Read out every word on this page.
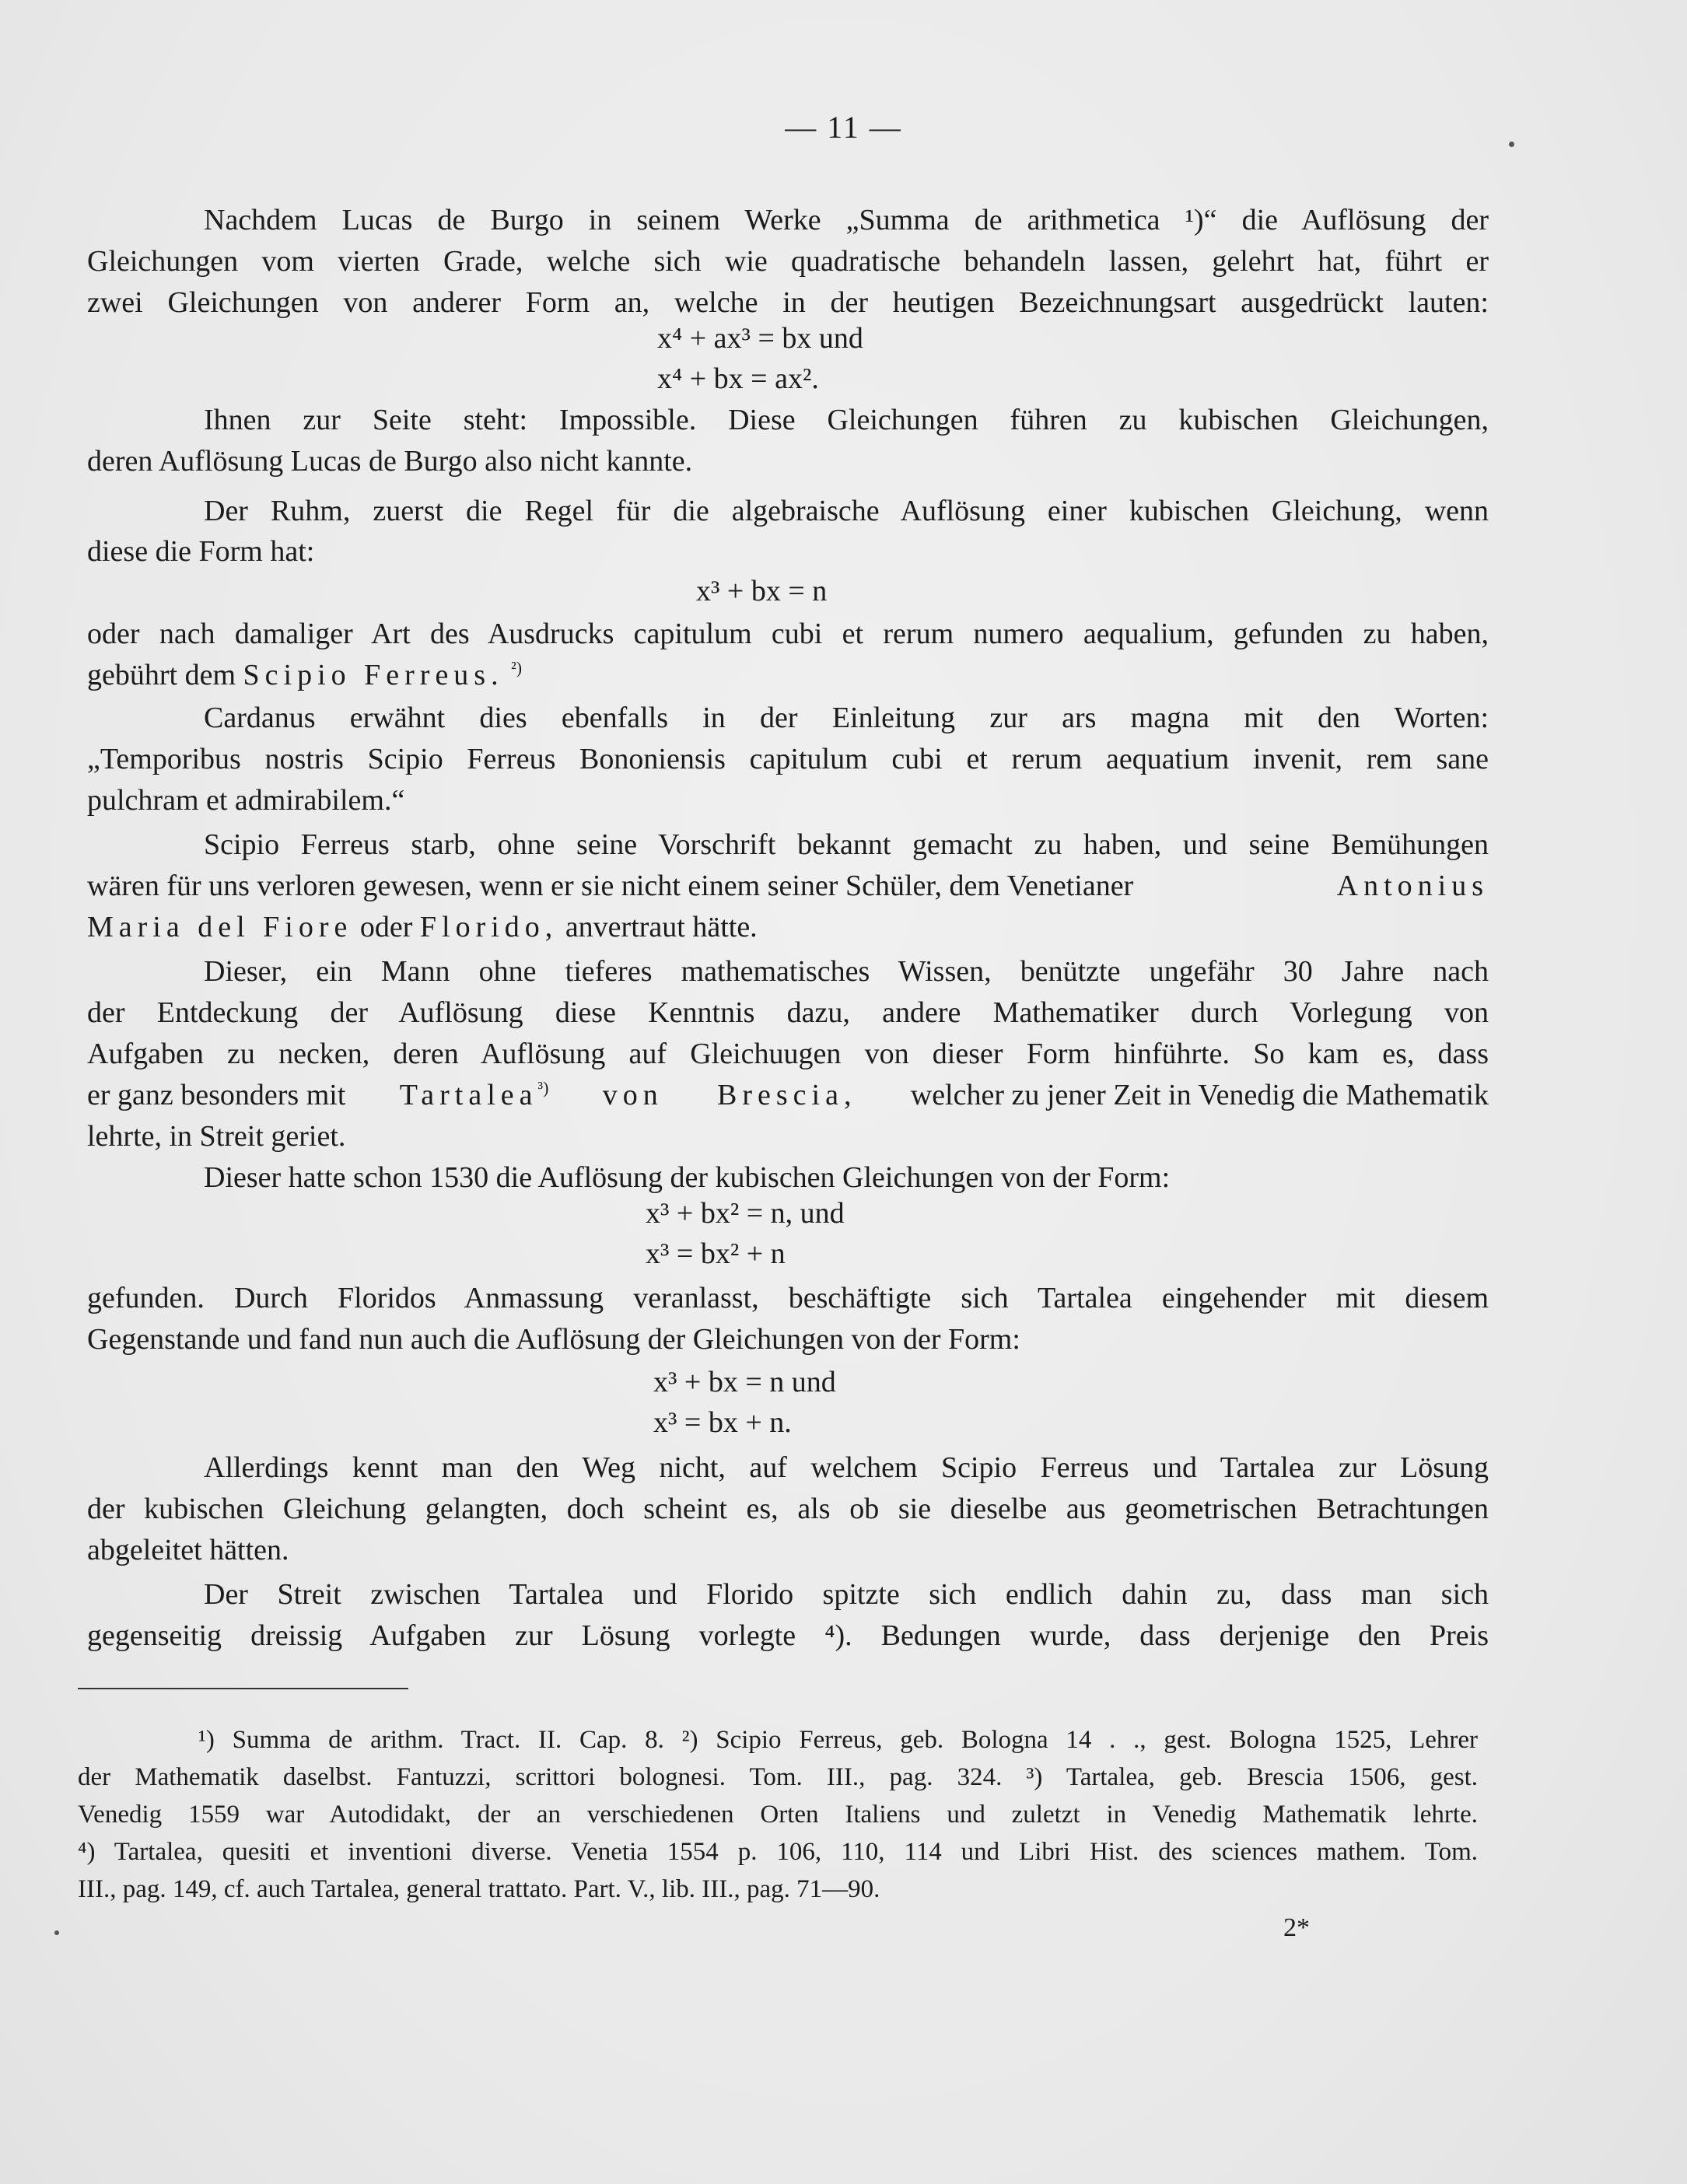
— 11 —
Nachdem Lucas de Burgo in seinem Werke „Summa de arithmetica ¹)“ die Auflösung der
Gleichungen vom vierten Grade, welche sich wie quadratische behandeln lassen, gelehrt hat, führt er
zwei Gleichungen von anderer Form an, welche in der heutigen Bezeichnungsart ausgedrückt lauten:
x⁴ + ax³ = bx und
x⁴ + bx = ax².
Ihnen zur Seite steht: Impossible. Diese Gleichungen führen zu kubischen Gleichungen,
deren Auflösung Lucas de Burgo also nicht kannte.
Der Ruhm, zuerst die Regel für die algebraische Auflösung einer kubischen Gleichung, wenn
diese die Form hat:
x³ + bx = n
oder nach damaliger Art des Ausdrucks capitulum cubi et rerum numero aequalium, gefunden zu haben,
gebührt dem Scipio Ferreus. $^{^2)}$
Cardanus erwähnt dies ebenfalls in der Einleitung zur ars magna mit den Worten:
„Temporibus nostris Scipio Ferreus Bononiensis capitulum cubi et rerum aequatium invenit, rem sane
pulchram et admirabilem.“
Scipio Ferreus starb, ohne seine Vorschrift bekannt gemacht zu haben, und seine Bemühungen
wären für uns verloren gewesen, wenn er sie nicht einem seiner Schüler, dem Venetianer	Antonius
Maria del Fiore oder Florido, anvertraut hätte.
Dieser, ein Mann ohne tieferes mathematisches Wissen, benützte ungefähr 30 Jahre nach
der Entdeckung der Auflösung diese Kenntnis dazu, andere Mathematiker durch Vorlegung von
Aufgaben zu necken, deren Auflösung auf Gleichuugen von dieser Form hinführte. So kam es, dass
er ganz besonders mit Tartalea$^{^3)}$ von Brescia, welcher zu jener Zeit in Venedig die Mathematik
lehrte, in Streit geriet.
Dieser hatte schon 1530 die Auflösung der kubischen Gleichungen von der Form:
x³ + bx² = n, und
x³ = bx² + n
gefunden. Durch Floridos Anmassung veranlasst, beschäftigte sich Tartalea eingehender mit diesem
Gegenstande und fand nun auch die Auflösung der Gleichungen von der Form:
x³ + bx = n und
x³ = bx + n.
Allerdings kennt man den Weg nicht, auf welchem Scipio Ferreus und Tartalea zur Lösung
der kubischen Gleichung gelangten, doch scheint es, als ob sie dieselbe aus geometrischen Betrachtungen
abgeleitet hätten.
Der Streit zwischen Tartalea und Florido spitzte sich endlich dahin zu, dass man sich
gegenseitig dreissig Aufgaben zur Lösung vorlegte ⁴). Bedungen wurde, dass derjenige den Preis
¹) Summa de arithm. Tract. II. Cap. 8. ²) Scipio Ferreus, geb. Bologna 14 . ., gest. Bologna 1525, Lehrer
der Mathematik daselbst. Fantuzzi, scrittori bolognesi. Tom. III., pag. 324. ³) Tartalea, geb. Brescia 1506, gest.
Venedig 1559 war Autodidakt, der an verschiedenen Orten Italiens und zuletzt in Venedig Mathematik lehrte.
⁴) Tartalea, quesiti et inventioni diverse. Venetia 1554 p. 106, 110, 114 und Libri Hist. des sciences mathem. Tom.
III., pag. 149, cf. auch Tartalea, general trattato. Part. V., lib. III., pag. 71—90.
2*
